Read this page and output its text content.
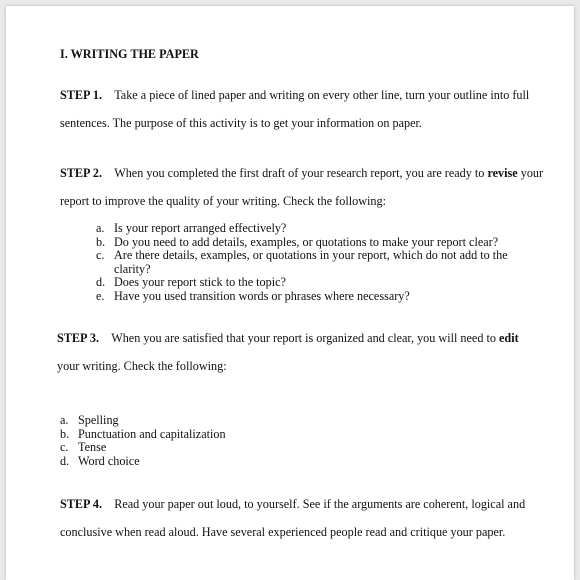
I. WRITING THE PAPER
STEP 1. Take a piece of lined paper and writing on every other line, turn your outline into full
sentences. The purpose of this activity is to get your information on paper.
STEP 2. When you completed the first draft of your research report, you are ready to revise your
report to improve the quality of your writing. Check the following:
a. Is your report arranged effectively?
b. Do you need to add details, examples, or quotations to make your report clear?
c. Are there details, examples, or quotations in your report, which do not add to the
clarity?
d. Does your report stick to the topic?
e. Have you used transition words or phrases where necessary?
STEP 3. When you are satisfied that your report is organized and clear, you will need to edit
your writing. Check the following:
a. Spelling
b. Punctuation and capitalization
c. Tense
d. Word choice
STEP 4. Read your paper out loud, to yourself. See if the arguments are coherent, logical and
conclusive when read aloud. Have several experienced people read and critique your paper.
